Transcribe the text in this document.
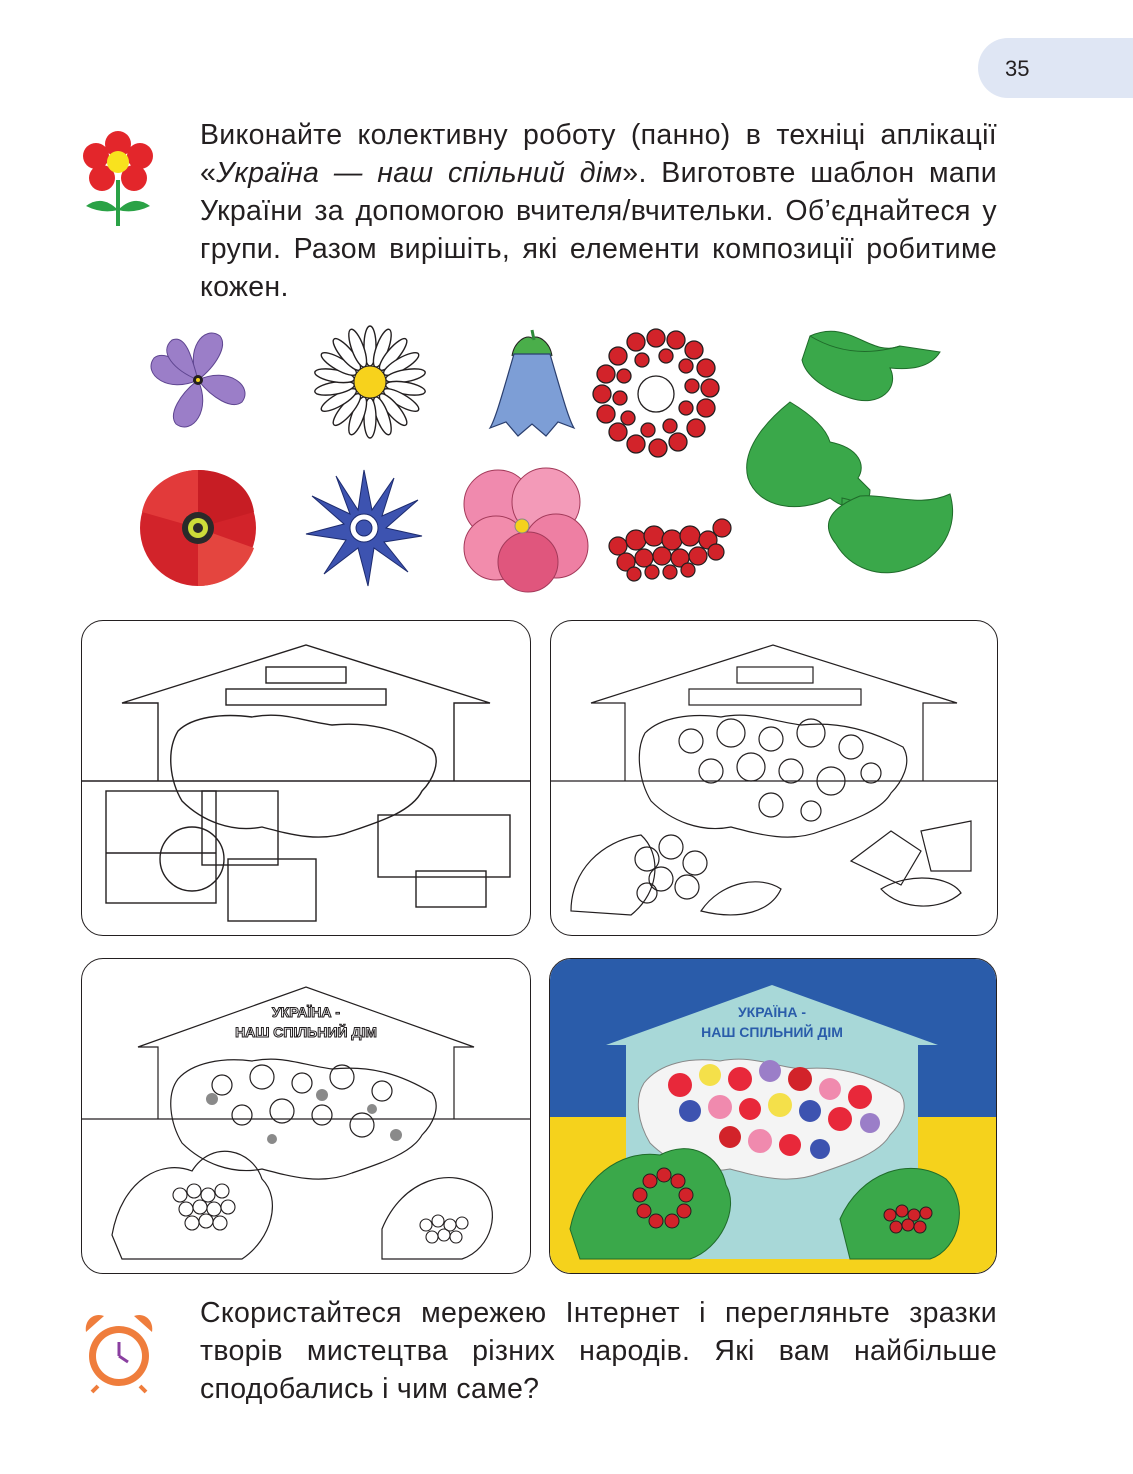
35

Виконайте колективну роботу (панно) в техніці аплікації «Україна — наш спільний дім». Виготовте шаблон мапи України за допомогою вчителя/вчительки. Об’єднайтеся у групи. Разом вирішіть, які елементи композиції робитиме кожен.

УКРАЇНА -
НАШ СПІЛЬНИЙ ДІМ
УКРАЇНА -
НАШ СПІЛЬНИЙ ДІМ

Скористайтеся мережею Інтернет і перегляньте зразки творів мистецтва різних народів. Які вам найбільше сподобались і чим саме?
